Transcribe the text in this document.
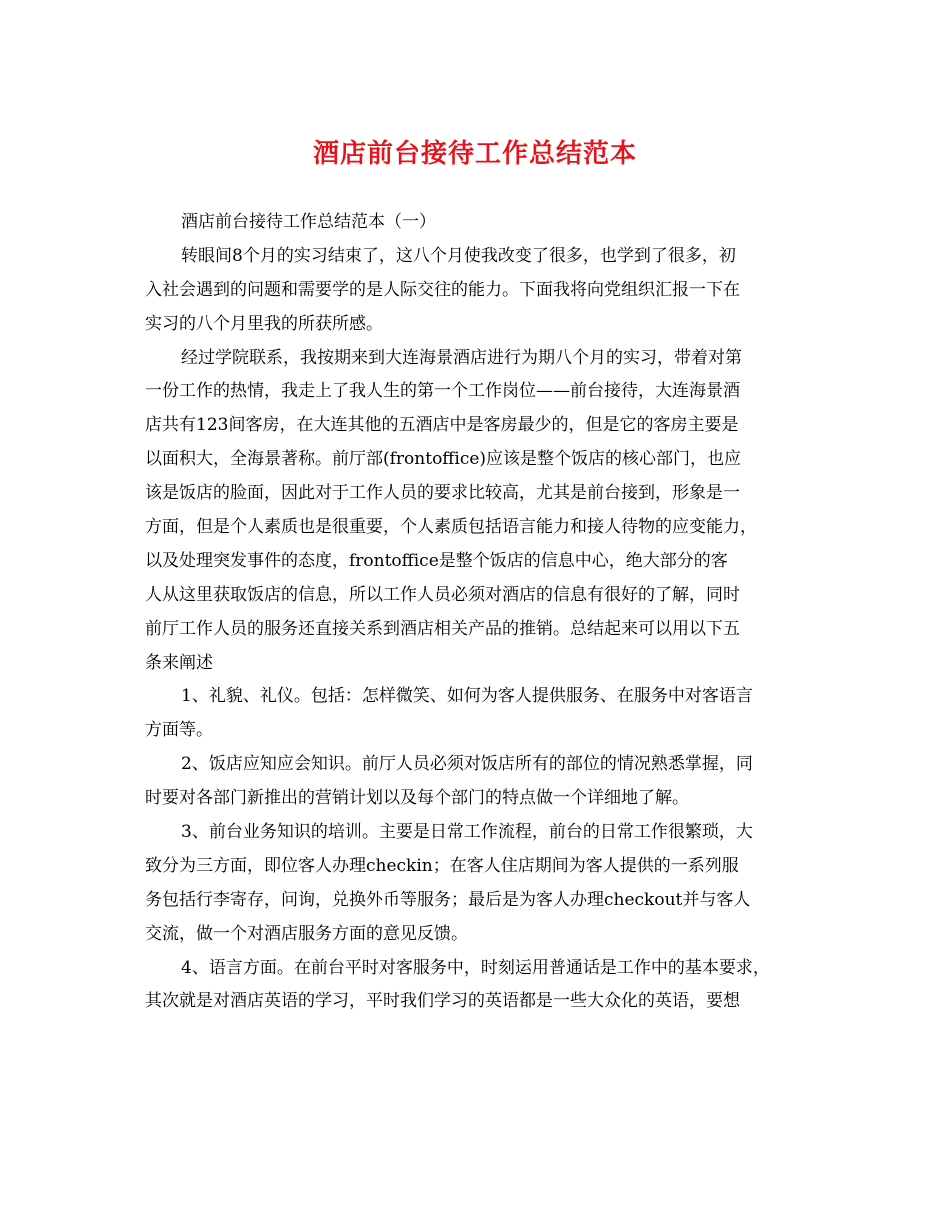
酒店前台接待工作总结范本
酒店前台接待工作总结范本（一）
转眼间8个月的实习结束了，这八个月使我改变了很多，也学到了很多，初
入社会遇到的问题和需要学的是人际交往的能力。下面我将向党组织汇报一下在
实习的八个月里我的所获所感。
经过学院联系，我按期来到大连海景酒店进行为期八个月的实习，带着对第
一份工作的热情，我走上了我人生的第一个工作岗位——前台接待，大连海景酒
店共有123间客房，在大连其他的五酒店中是客房最少的，但是它的客房主要是
以面积大，全海景著称。前厅部(frontoffice)应该是整个饭店的核心部门，也应
该是饭店的脸面，因此对于工作人员的要求比较高，尤其是前台接到，形象是一
方面，但是个人素质也是很重要，个人素质包括语言能力和接人待物的应变能力，
以及处理突发事件的态度，frontoffice是整个饭店的信息中心，绝大部分的客
人从这里获取饭店的信息，所以工作人员必须对酒店的信息有很好的了解，同时
前厅工作人员的服务还直接关系到酒店相关产品的推销。总结起来可以用以下五
条来阐述
1、礼貌、礼仪。包括：怎样微笑、如何为客人提供服务、在服务中对客语言
方面等。
2、饭店应知应会知识。前厅人员必须对饭店所有的部位的情况熟悉掌握，同
时要对各部门新推出的营销计划以及每个部门的特点做一个详细地了解。
3、前台业务知识的培训。主要是日常工作流程，前台的日常工作很繁琐，大
致分为三方面，即位客人办理checkin；在客人住店期间为客人提供的一系列服
务包括行李寄存，问询，兑换外币等服务；最后是为客人办理checkout并与客人
交流，做一个对酒店服务方面的意见反馈。
4、语言方面。在前台平时对客服务中，时刻运用普通话是工作中的基本要求，
其次就是对酒店英语的学习，平时我们学习的英语都是一些大众化的英语，要想
